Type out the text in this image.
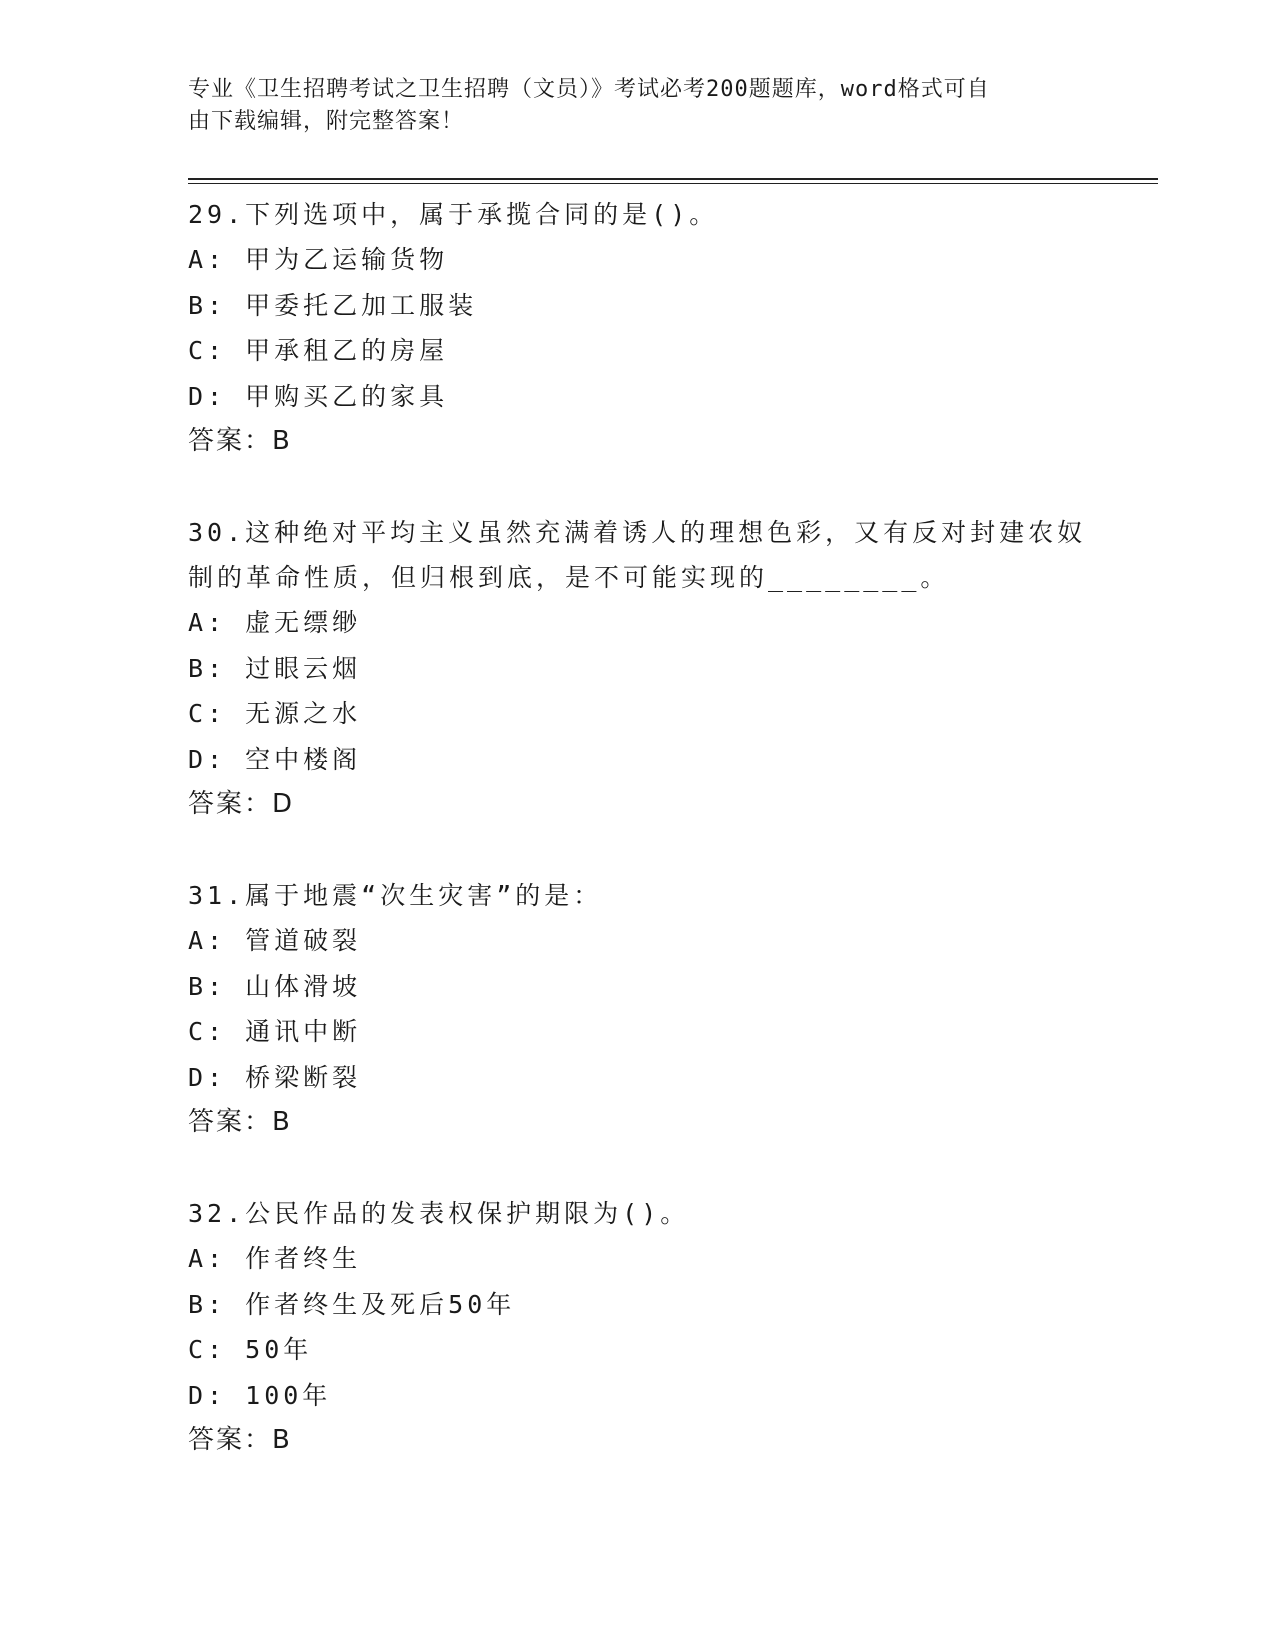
专业《卫生招聘考试之卫生招聘（文员）》考试必考200题题库，word格式可自
由下载编辑，附完整答案！
29.下列选项中，属于承揽合同的是()。
A: 甲为乙运输货物
B: 甲委托乙加工服装
C: 甲承租乙的房屋
D: 甲购买乙的家具
答案：B
30.这种绝对平均主义虽然充满着诱人的理想色彩，又有反对封建农奴
制的革命性质，但归根到底，是不可能实现的________。
A: 虚无缥缈
B: 过眼云烟
C: 无源之水
D: 空中楼阁
答案：D
31.属于地震“次生灾害”的是：
A: 管道破裂
B: 山体滑坡
C: 通讯中断
D: 桥梁断裂
答案：B
32.公民作品的发表权保护期限为()。
A: 作者终生
B: 作者终生及死后50年
C: 50年
D: 100年
答案：B
